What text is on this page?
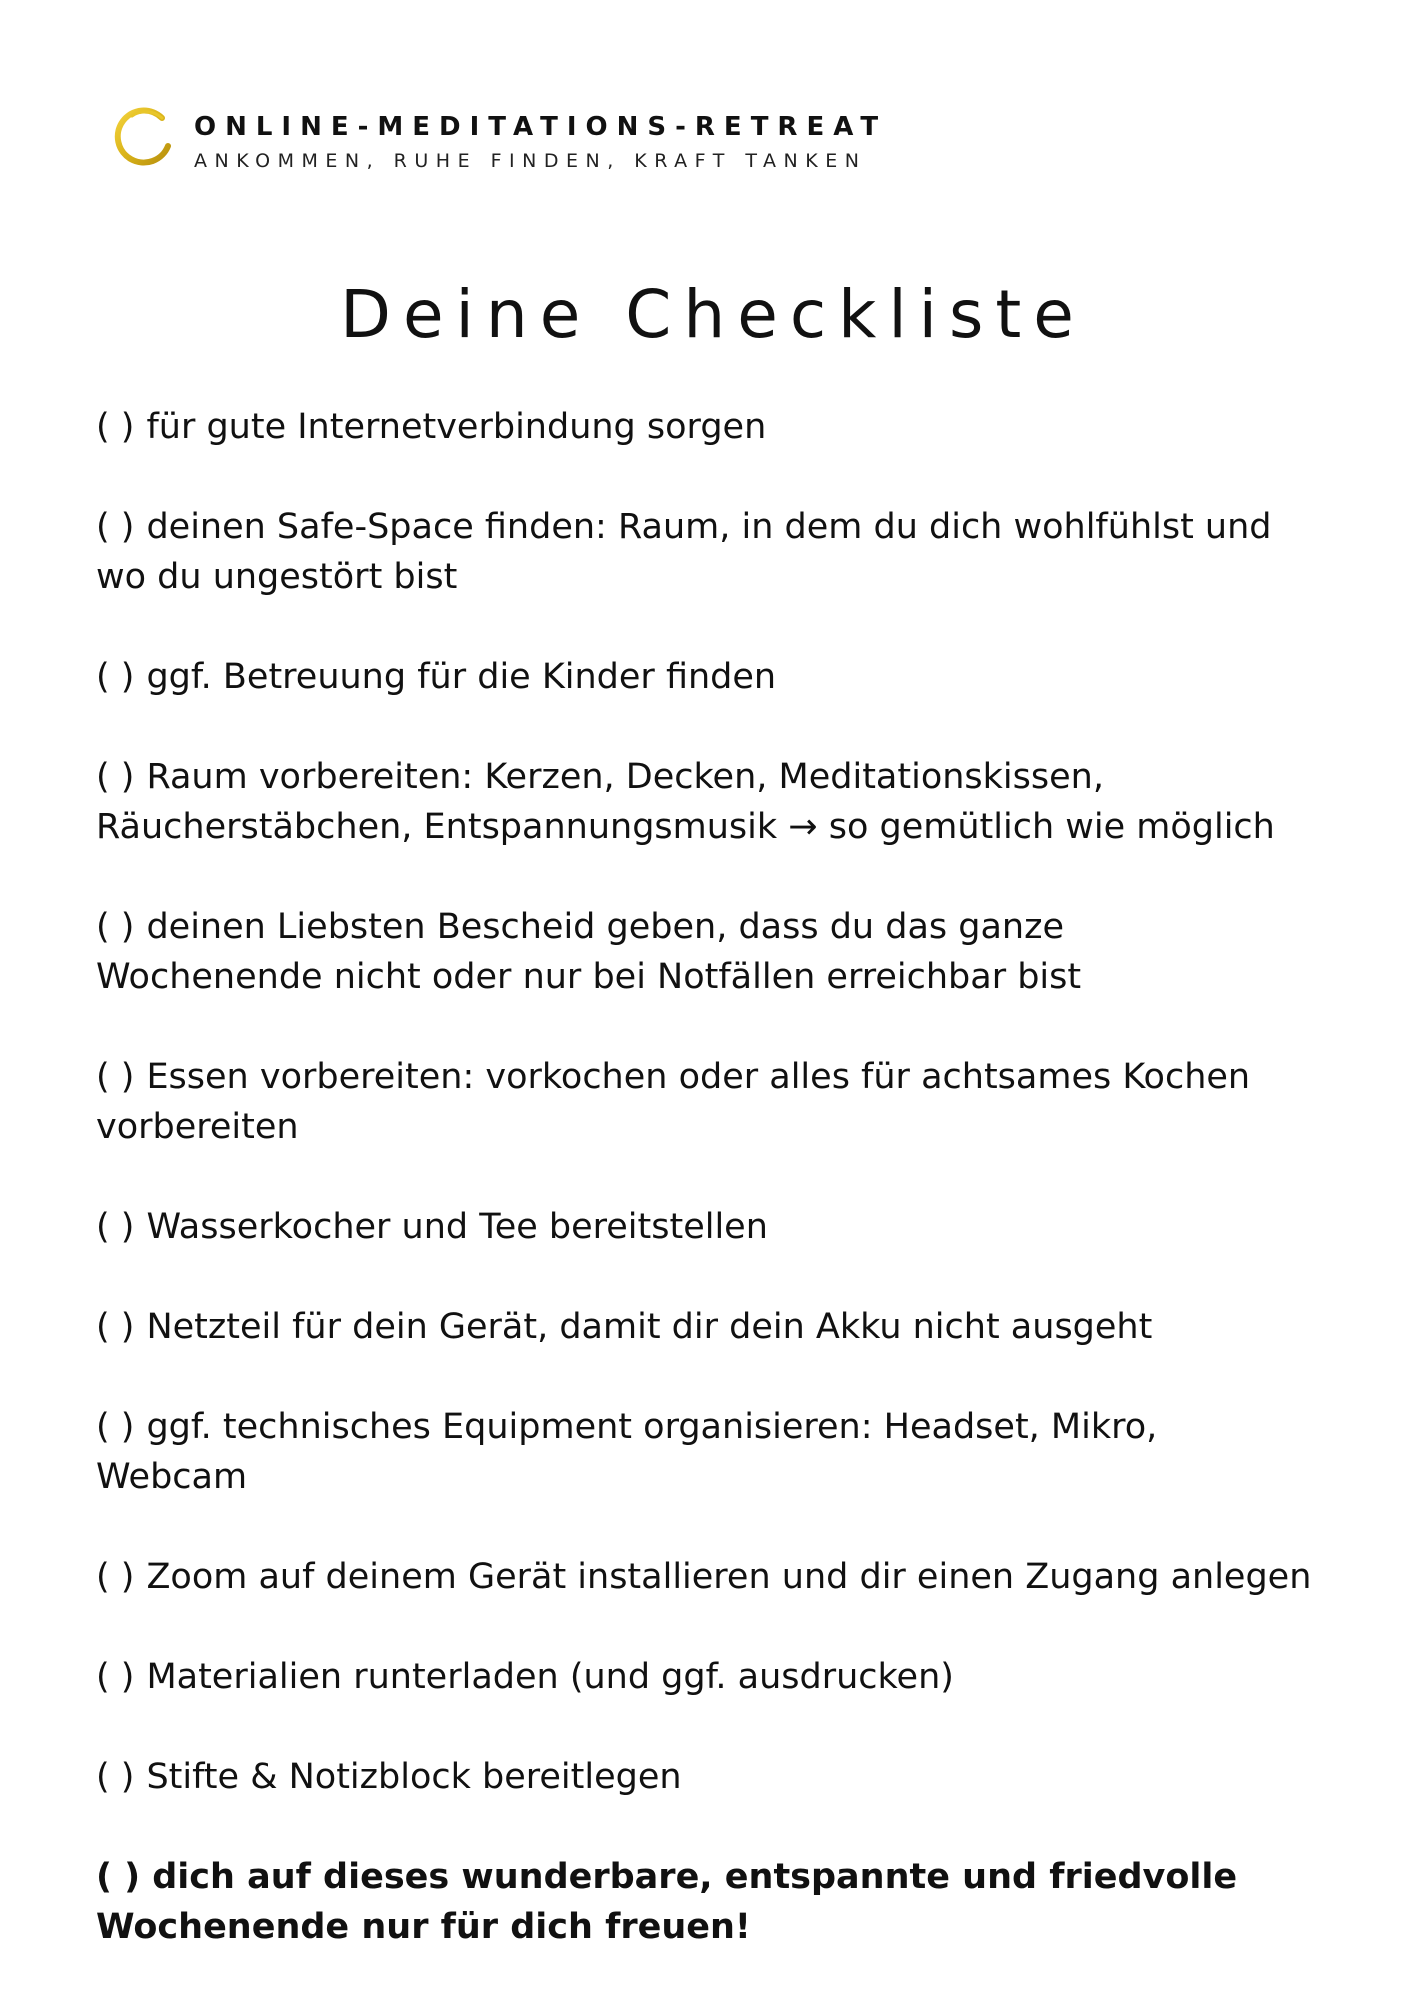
ONLINE-MEDITATIONS-RETREAT
ANKOMMEN, RUHE FINDEN, KRAFT TANKEN
Deine Checkliste
( ) für gute Internetverbindung sorgen
( ) deinen Safe-Space finden: Raum, in dem du dich wohlfühlst und
wo du ungestört bist
( ) ggf. Betreuung für die Kinder finden
( ) Raum vorbereiten: Kerzen, Decken, Meditationskissen,
Räucherstäbchen, Entspannungsmusik → so gemütlich wie möglich
( ) deinen Liebsten Bescheid geben, dass du das ganze
Wochenende nicht oder nur bei Notfällen erreichbar bist
( ) Essen vorbereiten: vorkochen oder alles für achtsames Kochen
vorbereiten
( ) Wasserkocher und Tee bereitstellen
( ) Netzteil für dein Gerät, damit dir dein Akku nicht ausgeht
( ) ggf. technisches Equipment organisieren: Headset, Mikro,
Webcam
( ) Zoom auf deinem Gerät installieren und dir einen Zugang anlegen
( ) Materialien runterladen (und ggf. ausdrucken)
( ) Stifte & Notizblock bereitlegen
( ) dich auf dieses wunderbare, entspannte und friedvolle
Wochenende nur für dich freuen!
